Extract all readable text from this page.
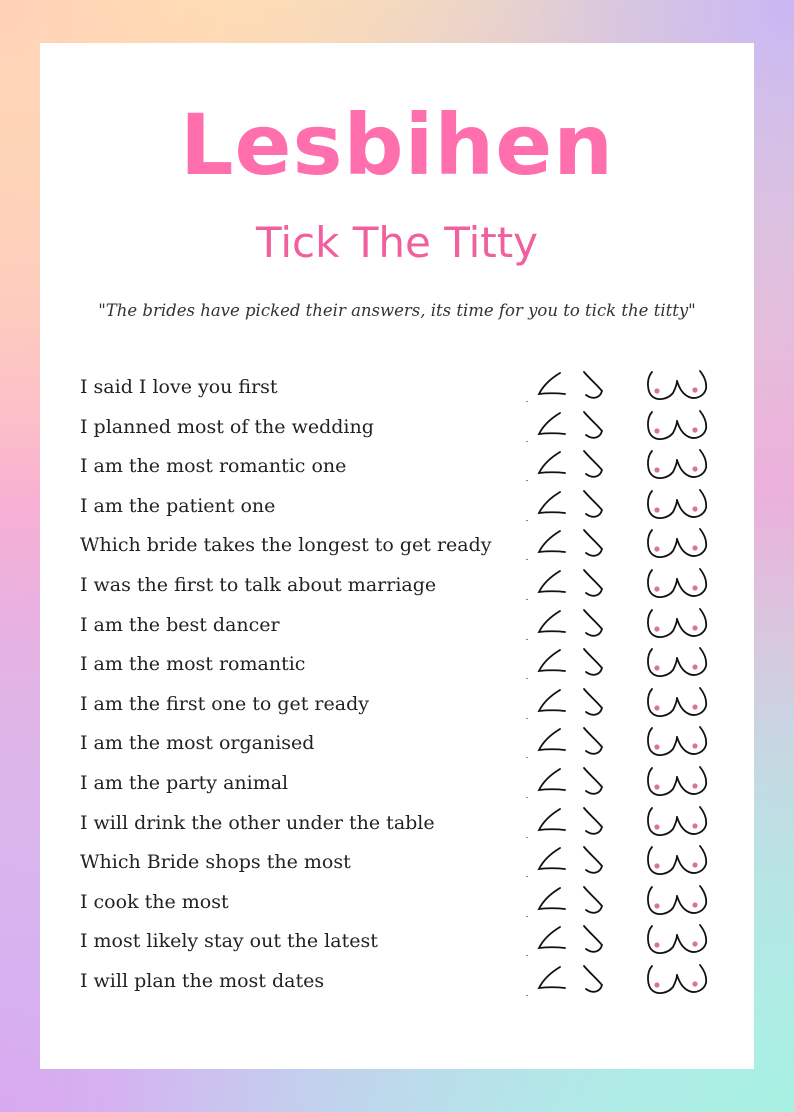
Lesbihen
Tick The Titty
"The brides have picked their answers, its time for you to tick the titty"
I said I love you first
I planned most of the wedding
I am the most romantic one
I am the patient one
Which bride takes the longest to get ready
I was the first to talk about marriage
I am the best dancer
I am the most romantic
I am the first one to get ready
I am the most organised
I am the party animal
I will drink the other under the table
Which Bride shops the most
I cook the most
I most likely stay out the latest
I will plan the most dates
